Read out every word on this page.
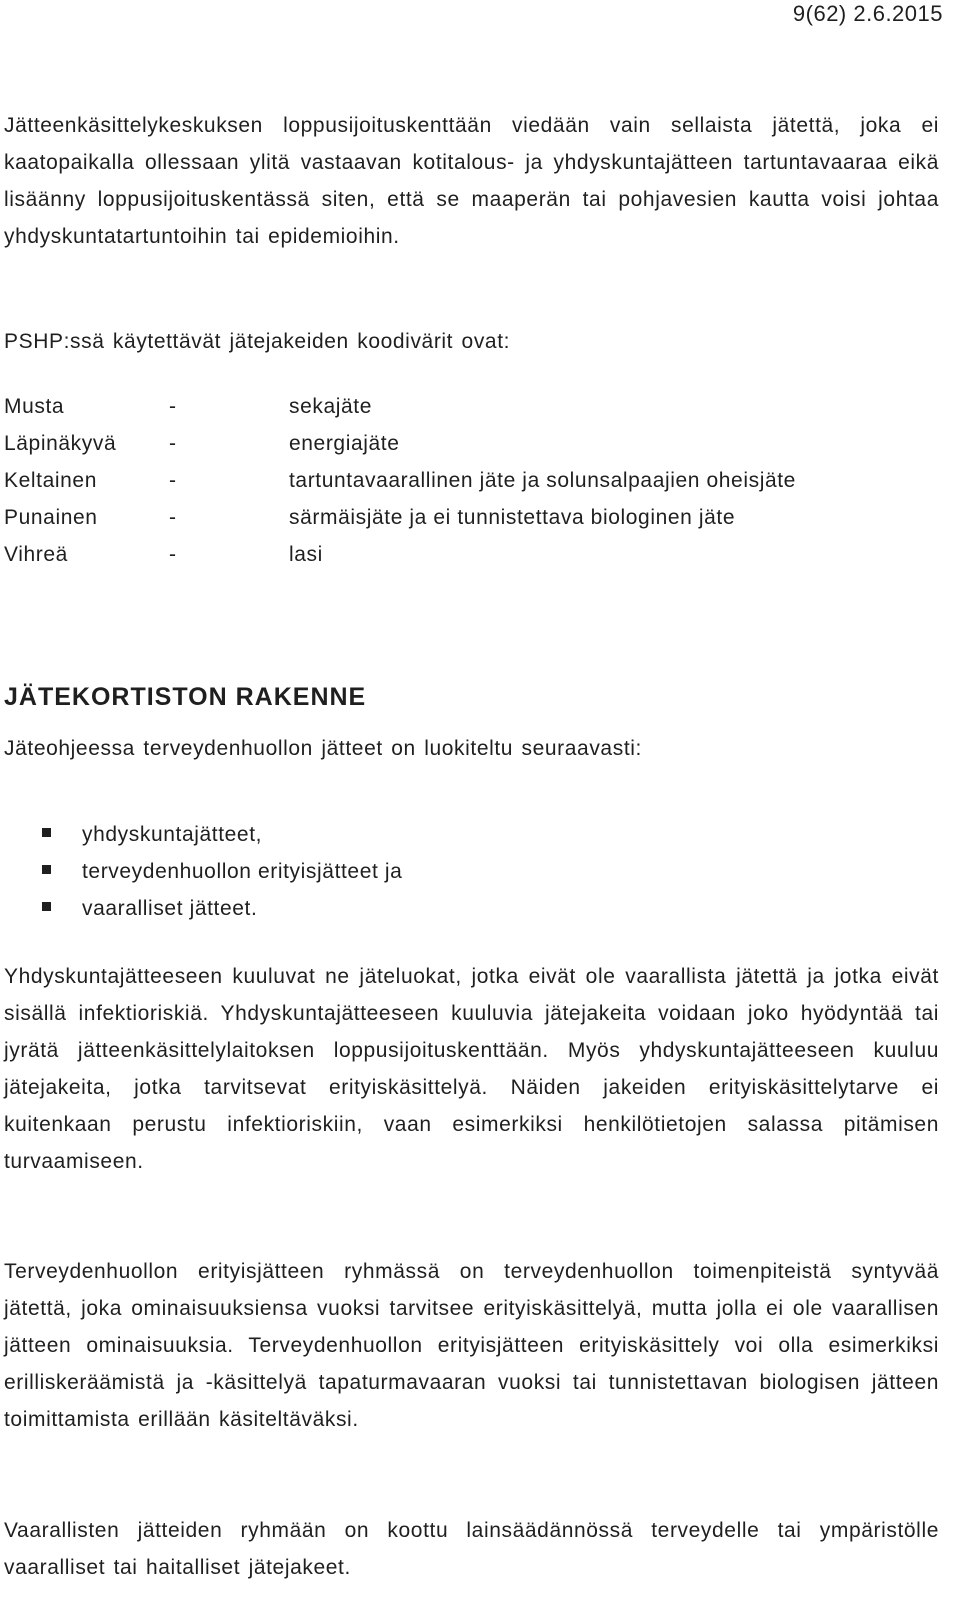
9(62) 2.6.2015

Jätteenkäsittelykeskuksen loppusijoituskenttään viedään vain sellaista jätettä, joka ei kaatopaikalla ollessaan ylitä vastaavan kotitalous- ja yhdyskuntajätteen tartuntavaaraa eikä lisäänny loppusijoituskentässä siten, että se maaperän tai pohjavesien kautta voisi johtaa yhdyskuntatartuntoihin tai epidemioihin.

PSHP:ssä käytettävät jätejakeiden koodivärit ovat:

Musta	-	sekajäte
Läpinäkyvä	-	energiajäte
Keltainen	-	tartuntavaarallinen jäte ja solunsalpaajien oheisjäte
Punainen	-	särmäisjäte ja ei tunnistettava biologinen jäte
Vihreä	-	lasi
JÄTEKORTISTON RAKENNE

Jäteohjeessa terveydenhuollon jätteet on luokiteltu seuraavasti:

yhdyskuntajätteet,
terveydenhuollon erityisjätteet ja
vaaralliset jätteet.

Yhdyskuntajätteeseen kuuluvat ne jäteluokat, jotka eivät ole vaarallista jätettä ja jotka eivät sisällä infektioriskiä. Yhdyskuntajätteeseen kuuluvia jätejakeita voidaan joko hyödyntää tai jyrätä jätteenkäsittelylaitoksen loppusijoituskenttään. Myös yhdyskuntajätteeseen kuuluu jätejakeita, jotka tarvitsevat erityiskäsittelyä. Näiden jakeiden erityiskäsittelytarve ei kuitenkaan perustu infektioriskiin, vaan esimerkiksi henkilötietojen salassa pitämisen turvaamiseen.

Terveydenhuollon erityisjätteen ryhmässä on terveydenhuollon toimenpiteistä syntyvää jätettä, joka ominaisuuksiensa vuoksi tarvitsee erityiskäsittelyä, mutta jolla ei ole vaarallisen jätteen ominaisuuksia. Terveydenhuollon erityisjätteen erityiskäsittely voi olla esimerkiksi erilliskeräämistä ja -käsittelyä tapaturmavaaran vuoksi tai tunnistettavan biologisen jätteen toimittamista erillään käsiteltäväksi.

Vaarallisten jätteiden ryhmään on koottu lainsäädännössä terveydelle tai ympäristölle vaaralliset tai haitalliset jätejakeet.
